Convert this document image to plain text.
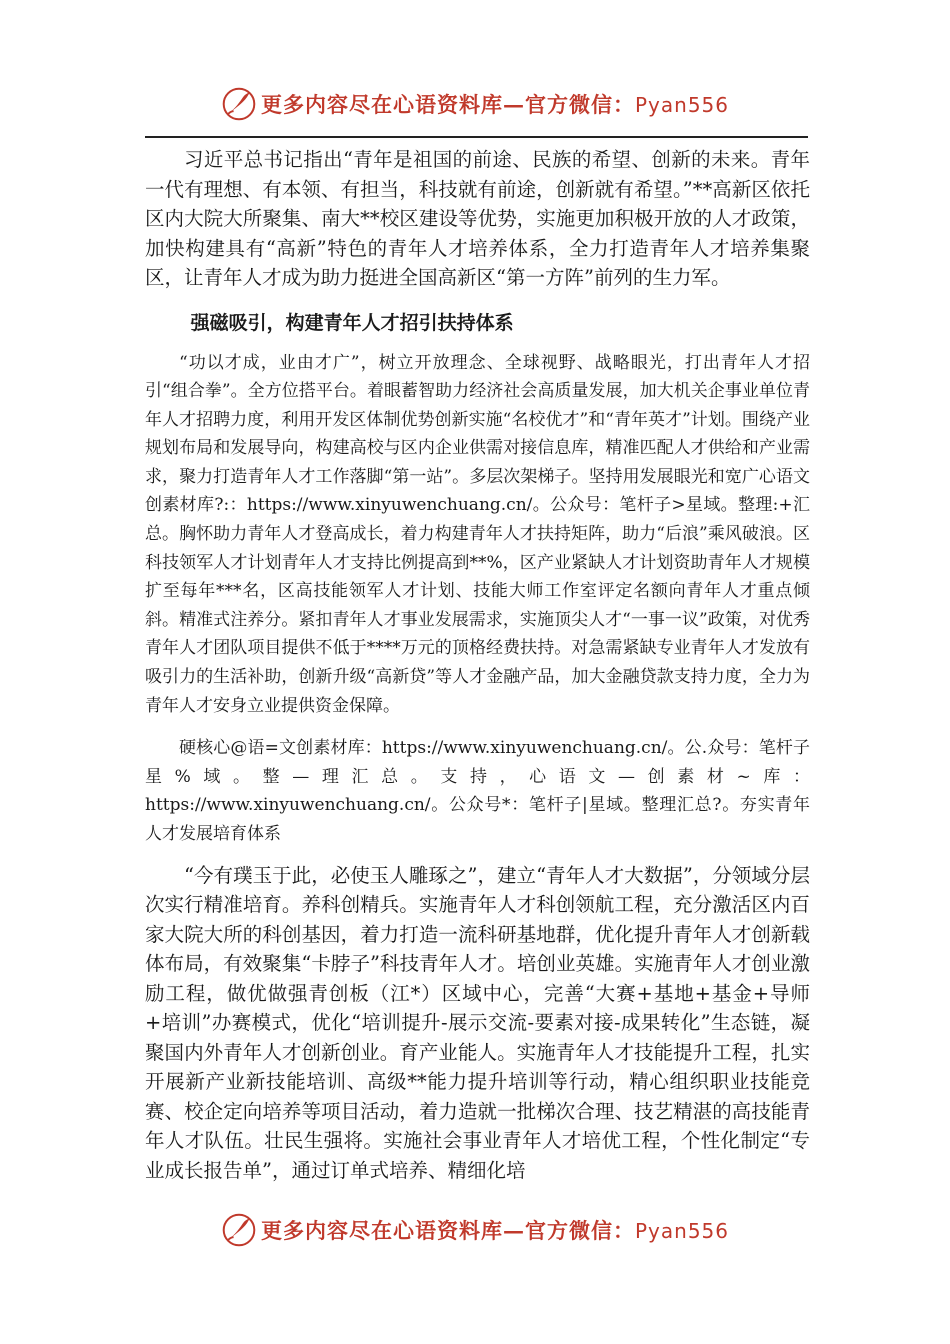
更多内容尽在心语资料库—官方微信：Pyan556

习近平总书记指出“青年是祖国的前途、民族的希望、创新的未来。青年一代有理想、有本领、有担当，科技就有前途，创新就有希望。”**高新区依托区内大院大所聚集、南大**校区建设等优势，实施更加积极开放的人才政策，加快构建具有“高新”特色的青年人才培养体系，全力打造青年人才培养集聚区，让青年人才成为助力挺进全国高新区“第一方阵”前列的生力军。

强磁吸引，构建青年人才招引扶持体系

“功以才成，业由才广”，树立开放理念、全球视野、战略眼光，打出青年人才招引“组合拳”。全方位搭平台。着眼蓄智助力经济社会高质量发展，加大机关企事业单位青年人才招聘力度，利用开发区体制优势创新实施“名校优才”和“青年英才”计划。围绕产业规划布局和发展导向，构建高校与区内企业供需对接信息库，精准匹配人才供给和产业需求，聚力打造青年人才工作落脚“第一站”。多层次架梯子。坚持用发展眼光和宽广心语文创素材库?:：https://www.xinyuwenchuang.cn/。公众号：笔杆子>星域。整理:+汇总。胸怀助力青年人才登高成长，着力构建青年人才扶持矩阵，助力“后浪”乘风破浪。区科技领军人才计划青年人才支持比例提高到**%，区产业紧缺人才计划资助青年人才规模扩至每年***名，区高技能领军人才计划、技能大师工作室评定名额向青年人才重点倾斜。精准式注养分。紧扣青年人才事业发展需求，实施顶尖人才“一事一议”政策，对优秀青年人才团队项目提供不低于****万元的顶格经费扶持。对急需紧缺专业青年人才发放有吸引力的生活补助，创新升级“高新贷”等人才金融产品，加大金融贷款支持力度，全力为青年人才安身立业提供资金保障。

硬核心@语=文创素材库：https://www.xinyuwenchuang.cn/。公.众号：笔杆子星%域。整—理汇总。支持，心语文—创素材~库：https://www.xinyuwenchuang.cn/。公众号*：笔杆子|星域。整理汇总?。夯实青年人才发展培育体系

“今有璞玉于此，必使玉人雕琢之”，建立“青年人才大数据”，分领域分层次实行精准培育。养科创精兵。实施青年人才科创领航工程，充分激活区内百家大院大所的科创基因，着力打造一流科研基地群，优化提升青年人才创新载体布局，有效聚集“卡脖子”科技青年人才。培创业英雄。实施青年人才创业激励工程，做优做强青创板（江*）区域中心，完善“大赛+基地+基金+导师+培训”办赛模式，优化“培训提升-展示交流-要素对接-成果转化”生态链，凝聚国内外青年人才创新创业。育产业能人。实施青年人才技能提升工程，扎实开展新产业新技能培训、高级**能力提升培训等行动，精心组织职业技能竞赛、校企定向培养等项目活动，着力造就一批梯次合理、技艺精湛的高技能青年人才队伍。壮民生强将。实施社会事业青年人才培优工程，个性化制定“专业成长报告单”，通过订单式培养、精细化培

更多内容尽在心语资料库—官方微信：Pyan556
